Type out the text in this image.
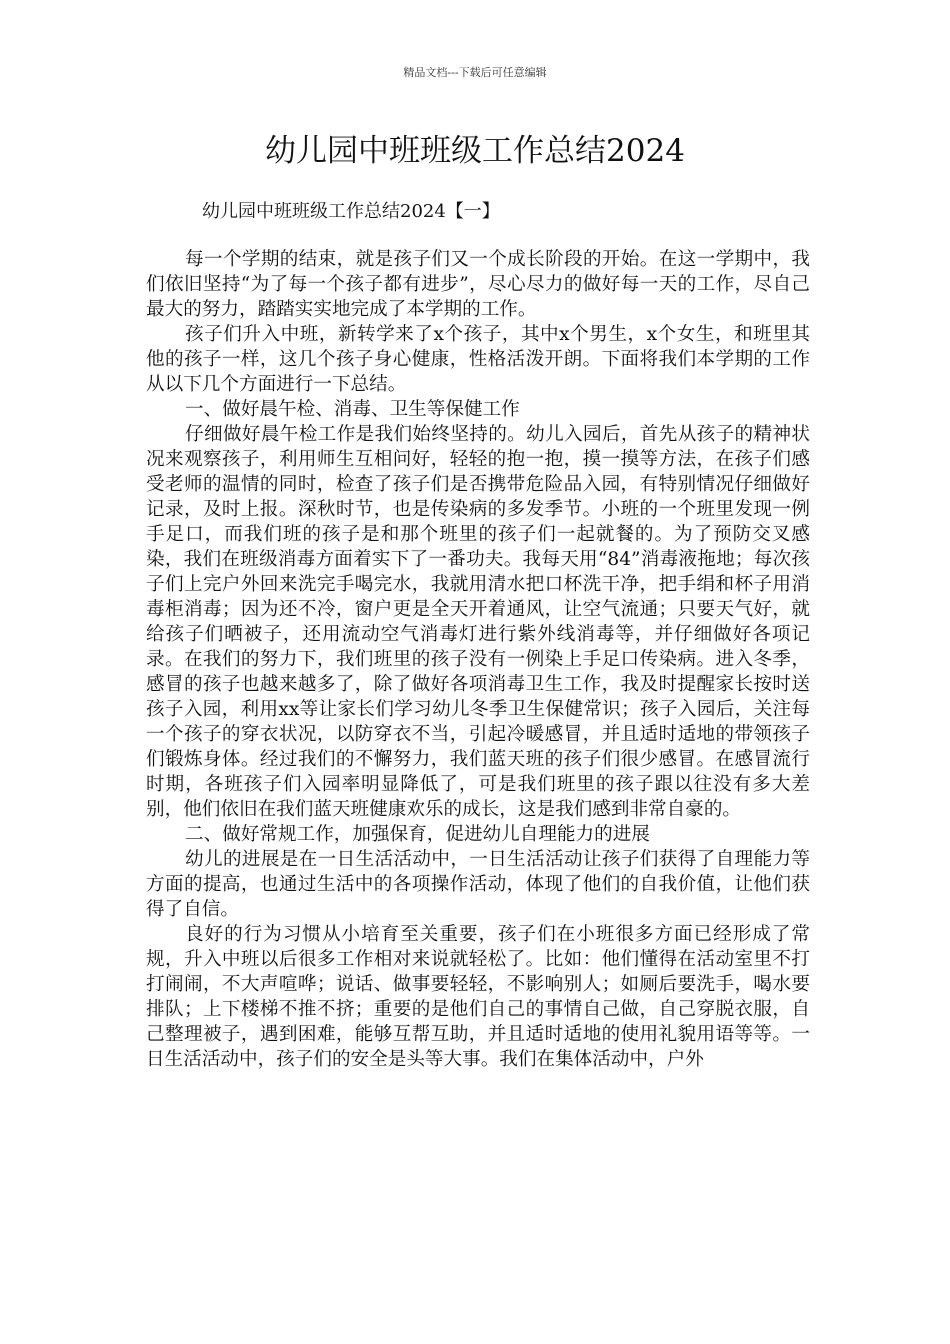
精品文档---下载后可任意编辑
幼儿园中班班级工作总结2024
幼儿园中班班级工作总结2024【一】

每一个学期的结束，就是孩子们又一个成长阶段的开始。在这一学期中，我们依旧坚持“为了每一个孩子都有进步”，尽心尽力的做好每一天的工作，尽自己最大的努力，踏踏实实地完成了本学期的工作。

孩子们升入中班，新转学来了x个孩子，其中x个男生，x个女生，和班里其他的孩子一样，这几个孩子身心健康，性格活泼开朗。下面将我们本学期的工作从以下几个方面进行一下总结。

一、做好晨午检、消毒、卫生等保健工作

仔细做好晨午检工作是我们始终坚持的。幼儿入园后，首先从孩子的精神状况来观察孩子，利用师生互相问好，轻轻的抱一抱，摸一摸等方法，在孩子们感受老师的温情的同时，检查了孩子们是否携带危险品入园，有特别情况仔细做好记录，及时上报。深秋时节，也是传染病的多发季节。小班的一个班里发现一例手足口，而我们班的孩子是和那个班里的孩子们一起就餐的。为了预防交叉感染，我们在班级消毒方面着实下了一番功夫。我每天用“84”消毒液拖地；每次孩子们上完户外回来洗完手喝完水，我就用清水把口杯洗干净，把手绢和杯子用消毒柜消毒；因为还不冷，窗户更是全天开着通风，让空气流通；只要天气好，就给孩子们晒被子，还用流动空气消毒灯进行紫外线消毒等，并仔细做好各项记录。在我们的努力下，我们班里的孩子没有一例染上手足口传染病。进入冬季，感冒的孩子也越来越多了，除了做好各项消毒卫生工作，我及时提醒家长按时送孩子入园，利用xx等让家长们学习幼儿冬季卫生保健常识；孩子入园后，关注每一个孩子的穿衣状况，以防穿衣不当，引起冷暖感冒，并且适时适地的带领孩子们锻炼身体。经过我们的不懈努力，我们蓝天班的孩子们很少感冒。在感冒流行时期，各班孩子们入园率明显降低了，可是我们班里的孩子跟以往没有多大差别，他们依旧在我们蓝天班健康欢乐的成长，这是我们感到非常自豪的。

二、做好常规工作，加强保育，促进幼儿自理能力的进展

幼儿的进展是在一日生活活动中，一日生活活动让孩子们获得了自理能力等方面的提高，也通过生活中的各项操作活动，体现了他们的自我价值，让他们获得了自信。

良好的行为习惯从小培育至关重要，孩子们在小班很多方面已经形成了常规，升入中班以后很多工作相对来说就轻松了。比如：他们懂得在活动室里不打打闹闹，不大声喧哗；说话、做事要轻轻，不影响别人；如厕后要洗手，喝水要排队；上下楼梯不推不挤；重要的是他们自己的事情自己做，自己穿脱衣服，自己整理被子，遇到困难，能够互帮互助，并且适时适地的使用礼貌用语等等。一日生活活动中，孩子们的安全是头等大事。我们在集体活动中，户外
